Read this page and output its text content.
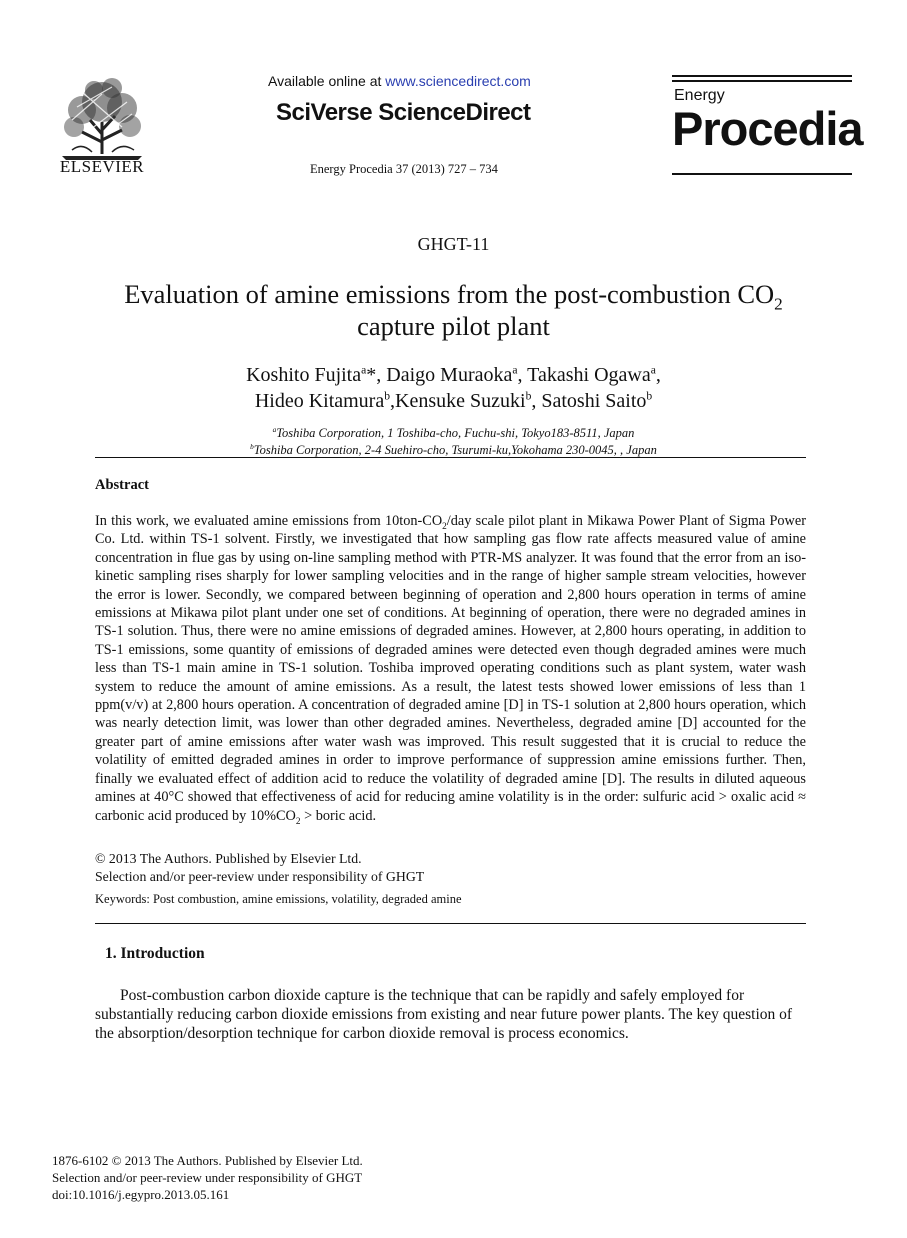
ELSEVIER
Available online at www.sciencedirect.com
SciVerse ScienceDirect
Energy Procedia 37 (2013) 727 – 734
Energy
Procedia
GHGT-11
Evaluation of amine emissions from the post-combustion $CO_2$
capture pilot plant
Koshito Fujita$^a$*, Daigo Muraoka$^a$, Takashi Ogawa$^a$,
Hideo Kitamura$^b$,Kensuke Suzuki$^b$, Satoshi Saito$^b$
$^a$Toshiba Corporation, 1 Toshiba-cho, Fuchu-shi, Tokyo183-8511, Japan
$^b$Toshiba Corporation, 2-4 Suehiro-cho, Tsurumi-ku,Yokohama 230-0045, , Japan
Abstract
In this work, we evaluated amine emissions from $10ton-CO_2$/day scale pilot plant in Mikawa Power Plant of Sigma Power Co. Ltd. within TS-1 solvent. Firstly, we investigated that how sampling gas flow rate affects measured value of amine concentration in flue gas by using on-line sampling method with PTR-MS analyzer. It was found that the error from an iso-kinetic sampling rises sharply for lower sampling velocities and in the range of higher sample stream velocities, however the error is lower. Secondly, we compared between beginning of operation and 2,800 hours operation in terms of amine emissions at Mikawa pilot plant under one set of conditions. At beginning of operation, there were no degraded amines in TS-1 solution. Thus, there were no amine emissions of degraded amines. However, at 2,800 hours operating, in addition to TS-1 emissions, some quantity of emissions of degraded amines were detected even though degraded amines were much less than TS-1 main amine in TS-1 solution. Toshiba improved operating conditions such as plant system, water wash system to reduce the amount of amine emissions. As a result, the latest tests showed lower emissions of less than 1 ppm(v/v) at 2,800 hours operation. A concentration of degraded amine [D] in TS-1 solution at 2,800 hours operation, which was nearly detection limit, was lower than other degraded amines. Nevertheless, degraded amine [D] accounted for the greater part of amine emissions after water wash was improved. This result suggested that it is crucial to reduce the volatility of emitted degraded amines in order to improve performance of suppression amine emissions further. Then, finally we evaluated effect of addition acid to reduce the volatility of degraded amine [D]. The results in diluted aqueous amines at 40°C showed that effectiveness of acid for reducing amine volatility is in the order: sulfuric acid > oxalic acid ≈ carbonic acid produced by $10\%CO_2$ > boric acid.
© 2013 The Authors. Published by Elsevier Ltd.
Selection and/or peer-review under responsibility of GHGT
Keywords: Post combustion, amine emissions, volatility, degraded amine
1. Introduction
Post-combustion carbon dioxide capture is the technique that can be rapidly and safely employed for substantially reducing carbon dioxide emissions from existing and near future power plants. The key question of the absorption/desorption technique for carbon dioxide removal is process economics.
1876-6102 © 2013 The Authors. Published by Elsevier Ltd.
Selection and/or peer-review under responsibility of GHGT
doi:10.1016/j.egypro.2013.05.161
